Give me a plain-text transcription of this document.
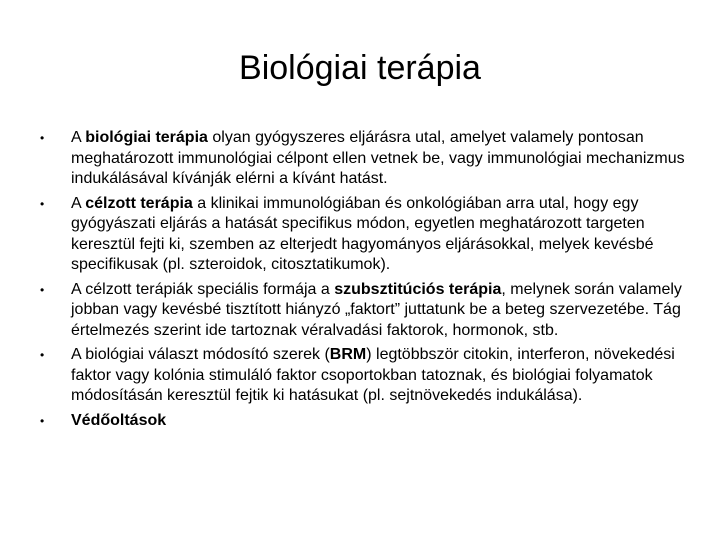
Biológiai terápia
•	A biológiai terápia olyan gyógyszeres eljárásra utal, amelyet valamely pontosan meghatározott immunológiai célpont ellen vetnek be, vagy immunológiai mechanizmus indukálásával kívánják elérni a kívánt hatást.
•	A célzott terápia a klinikai immunológiában és onkológiában arra utal, hogy egy gyógyászati eljárás a hatását specifikus módon, egyetlen meghatározott targeten keresztül fejti ki, szemben az elterjedt hagyományos eljárásokkal, melyek kevésbé specifikusak (pl. szteroidok, citosztatikumok).
•	A célzott terápiák speciális formája a szubsztitúciós terápia, melynek során valamely jobban vagy kevésbé tisztított hiányzó „faktort” juttatunk be a beteg szervezetébe. Tág értelmezés szerint ide tartoznak véralvadási faktorok, hormonok, stb.
•	A biológiai választ módosító szerek (BRM) legtöbbször citokin, interferon, növekedési faktor vagy kolónia stimuláló faktor csoportokban tatoznak, és biológiai folyamatok módosításán keresztül fejtik ki hatásukat (pl. sejtnövekedés indukálása).
•	Védőoltások
